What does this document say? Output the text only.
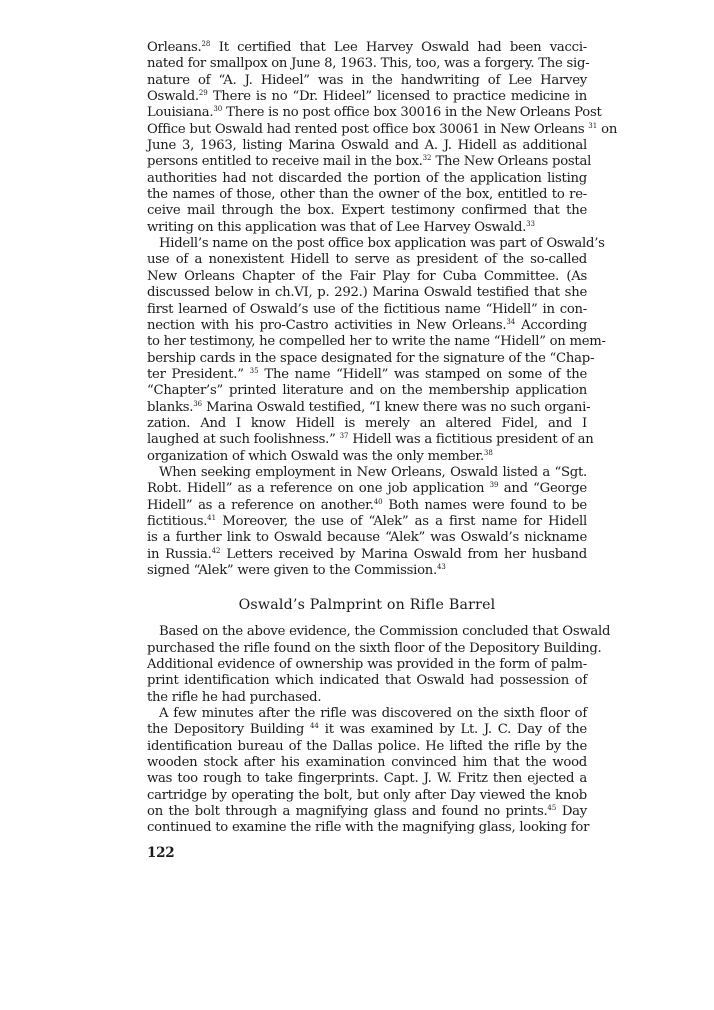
Orleans.$^{28}$ It certified that Lee Harvey Oswald had been vacci-
nated for smallpox on June 8, 1963. This, too, was a forgery. The sig-
nature of “A. J. Hideel” was in the handwriting of Lee Harvey
Oswald.$^{29}$ There is no “Dr. Hideel” licensed to practice medicine in
Louisiana.$^{30}$ There is no post office box 30016 in the New Orleans Post
Office but Oswald had rented post office box 30061 in New Orleans $^{31}$ on
June 3, 1963, listing Marina Oswald and A. J. Hidell as additional
persons entitled to receive mail in the box.$^{32}$ The New Orleans postal
authorities had not discarded the portion of the application listing
the names of those, other than the owner of the box, entitled to re-
ceive mail through the box. Expert testimony confirmed that the
writing on this application was that of Lee Harvey Oswald.$^{33}$
Hidell’s name on the post office box application was part of Oswald’s
use of a nonexistent Hidell to serve as president of the so-called
New Orleans Chapter of the Fair Play for Cuba Committee. (As
discussed below in ch.VI, p. 292.) Marina Oswald testified that she
first learned of Oswald’s use of the fictitious name “Hidell” in con-
nection with his pro-Castro activities in New Orleans.$^{34}$ According
to her testimony, he compelled her to write the name “Hidell” on mem-
bership cards in the space designated for the signature of the “Chap-
ter President.” $^{35}$ The name “Hidell” was stamped on some of the
“Chapter’s” printed literature and on the membership application
blanks.$^{36}$ Marina Oswald testified, “I knew there was no such organi-
zation. And I know Hidell is merely an altered Fidel, and I
laughed at such foolishness.” $^{37}$ Hidell was a fictitious president of an
organization of which Oswald was the only member.$^{38}$
When seeking employment in New Orleans, Oswald listed a “Sgt.
Robt. Hidell” as a reference on one job application $^{39}$ and “George
Hidell” as a reference on another.$^{40}$ Both names were found to be
fictitious.$^{41}$ Moreover, the use of “Alek” as a first name for Hidell
is a further link to Oswald because “Alek” was Oswald’s nickname
in Russia.$^{42}$ Letters received by Marina Oswald from her husband
signed “Alek” were given to the Commission.$^{43}$
Oswald’s Palmprint on Rifle Barrel
Based on the above evidence, the Commission concluded that Oswald
purchased the rifle found on the sixth floor of the Depository Building.
Additional evidence of ownership was provided in the form of palm-
print identification which indicated that Oswald had possession of
the rifle he had purchased.
A few minutes after the rifle was discovered on the sixth floor of
the Depository Building $^{44}$ it was examined by Lt. J. C. Day of the
identification bureau of the Dallas police. He lifted the rifle by the
wooden stock after his examination convinced him that the wood
was too rough to take fingerprints. Capt. J. W. Fritz then ejected a
cartridge by operating the bolt, but only after Day viewed the knob
on the bolt through a magnifying glass and found no prints.$^{45}$ Day
continued to examine the rifle with the magnifying glass, looking for
122
